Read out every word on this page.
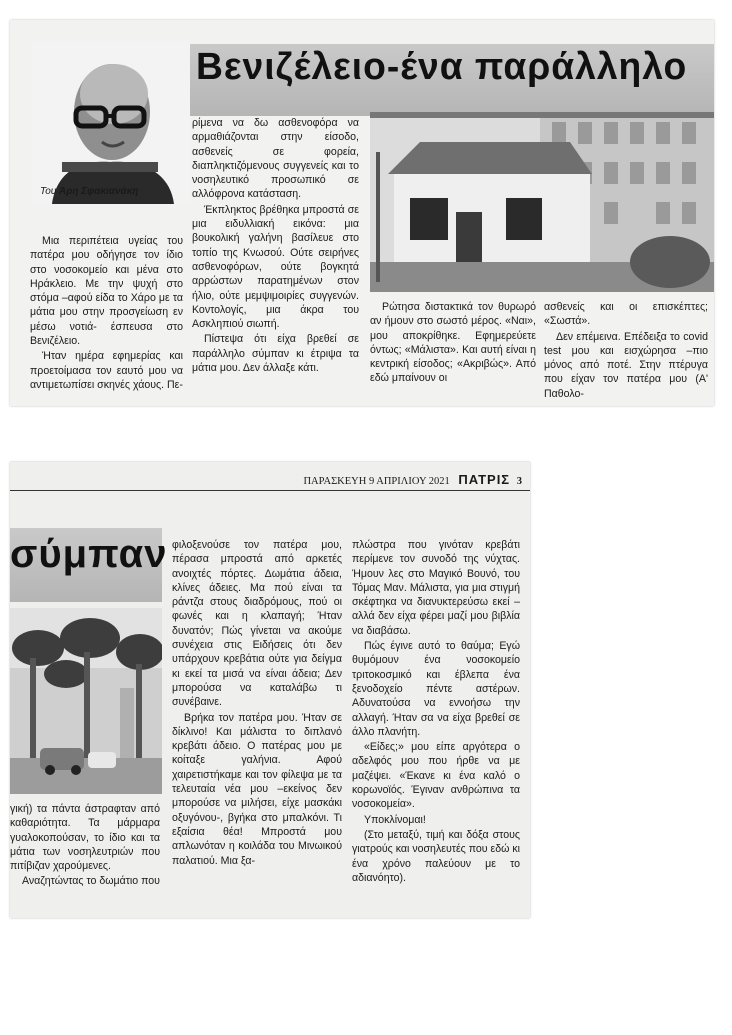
Βενιζέλειο-ένα παράλληλο
Του Άρη Σφακιανάκη

Μια περιπέτεια υγείας του πατέρα μου οδήγησε τον ίδιο στο νοσοκομείο και μένα στο Ηράκλειο. Με την ψυχή στο στόμα –αφού είδα το Χάρο με τα μάτια μου στην προσγείωση εν μέσω νοτιά- έσπευσα στο Βενιζέλειο.

Ήταν ημέρα εφημερίας και προετοίμασα τον εαυτό μου να αντιμετωπίσει σκηνές χάους. Πε-

ρίμενα να δω ασθενοφόρα να αρμαθιάζονται στην είσοδο, ασθενείς σε φορεία, διαπληκτιζόμενους συγγενείς και το νοσηλευτικό προσωπικό σε αλλόφρονα κατάσταση.

Έκπληκτος βρέθηκα μπροστά σε μια ειδυλλιακή εικόνα: μια βουκολική γαλήνη βασίλευε στο τοπίο της Κνωσού. Ούτε σειρήνες ασθενοφόρων, ούτε βογκητά αρρώστων παρατημένων στον ήλιο, ούτε μεμψιμοιρίες συγγενών. Κοντολογίς, μια άκρα του Ασκληπιού σιωπή.

Πίστεψα ότι είχα βρεθεί σε παράλληλο σύμπαν κι έτριψα τα μάτια μου. Δεν άλλαξε κάτι.

Ρώτησα διστακτικά τον θυρωρό αν ήμουν στο σωστό μέρος. «Ναι», μου αποκρίθηκε. Εφημερεύετε όντως; «Μάλιστα». Και αυτή είναι η κεντρική είσοδος; «Ακριβώς». Από εδώ μπαίνουν οι

ασθενείς και οι επισκέπτες; «Σωστά».

Δεν επέμεινα. Επέδειξα το covid test μου και εισχώρησα –πιο μόνος από ποτέ. Στην πτέρυγα που είχαν τον πατέρα μου (Α' Παθολο-

ΠΑΡΑΣΚΕΥΗ 9 ΑΠΡΙΛΙΟΥ 2021 ΠΑΤΡΙΣ 3
σύμπαν

γική) τα πάντα άστραφταν από καθαριότητα. Τα μάρμαρα γυαλοκοπούσαν, το ίδιο και τα μάτια των νοσηλευτριών που πιτίβιζαν χαρούμενες.

Αναζητώντας το δωμάτιο που

φιλοξενούσε τον πατέρα μου, πέρασα μπροστά από αρκετές ανοιχτές πόρτες. Δωμάτια άδεια, κλίνες άδειες. Μα πού είναι τα ράντζα στους διαδρόμους, πού οι φωνές και η κλαπαγή; Ήταν δυνατόν; Πώς γίνεται να ακούμε συνέχεια στις Ειδήσεις ότι δεν υπάρχουν κρεβάτια ούτε για δείγμα κι εκεί τα μισά να είναι άδεια; Δεν μπορούσα να καταλάβω τι συνέβαινε.

Βρήκα τον πατέρα μου. Ήταν σε δίκλινο! Και μάλιστα το διπλανό κρεβάτι άδειο. Ο πατέρας μου με κοίταξε γαλήνια. Αφού χαιρετιστήκαμε και τον φίλεψα με τα τελευταία νέα μου –εκείνος δεν μπορούσε να μιλήσει, είχε μασκάκι οξυγόνου-, βγήκα στο μπαλκόνι. Τι εξαίσια θέα! Μπροστά μου απλωνόταν η κοιλάδα του Μινωικού παλατιού. Μια ξα-

πλώστρα που γινόταν κρεβάτι περίμενε τον συνοδό της νύχτας. Ήμουν λες στο Μαγικό Βουνό, του Τόμας Μαν. Μάλιστα, για μια στιγμή σκέφτηκα να διανυκτερεύσω εκεί –αλλά δεν είχα φέρει μαζί μου βιβλία να διαβάσω.

Πώς έγινε αυτό το θαύμα; Εγώ θυμόμουν ένα νοσοκομείο τριτοκοσμικό και έβλεπα ένα ξενοδοχείο πέντε αστέρων. Αδυνατούσα να εννοήσω την αλλαγή. Ήταν σα να είχα βρεθεί σε άλλο πλανήτη.

«Είδες;» μου είπε αργότερα ο αδελφός μου που ήρθε να με μαζέψει. «Έκανε κι ένα καλό ο κορωνοϊός. Έγιναν ανθρώπινα τα νοσοκομεία».

Υποκλίνομαι!

(Στο μεταξύ, τιμή και δόξα στους γιατρούς και νοσηλευτές που εδώ κι ένα χρόνο παλεύουν με το αδιανόητο).
